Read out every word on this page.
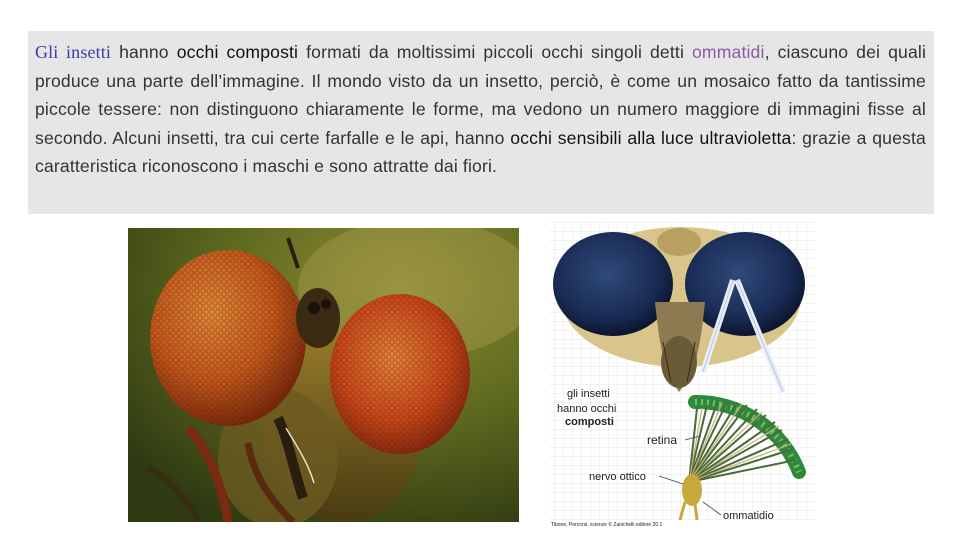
Gli insetti hanno occhi composti formati da moltissimi piccoli occhi singoli detti ommatidi, ciascuno dei quali produce una parte dell’immagine. Il mondo visto da un insetto, perciò, è come un mosaico fatto da tantissime piccole tessere: non distinguono chiaramente le forme, ma vedono un numero maggiore di immagini fisse al secondo. Alcuni insetti, tra cui certe farfalle e le api, hanno occhi sensibili alla luce ultravioletta: grazie a questa caratteristica riconoscono i maschi e sono attratte dai fiori.

gli insetti
hanno occhi
composti
retina
nervo ottico
ommatidio
Tibone, Percorsi, scienze © Zanichelli editore 20.1
